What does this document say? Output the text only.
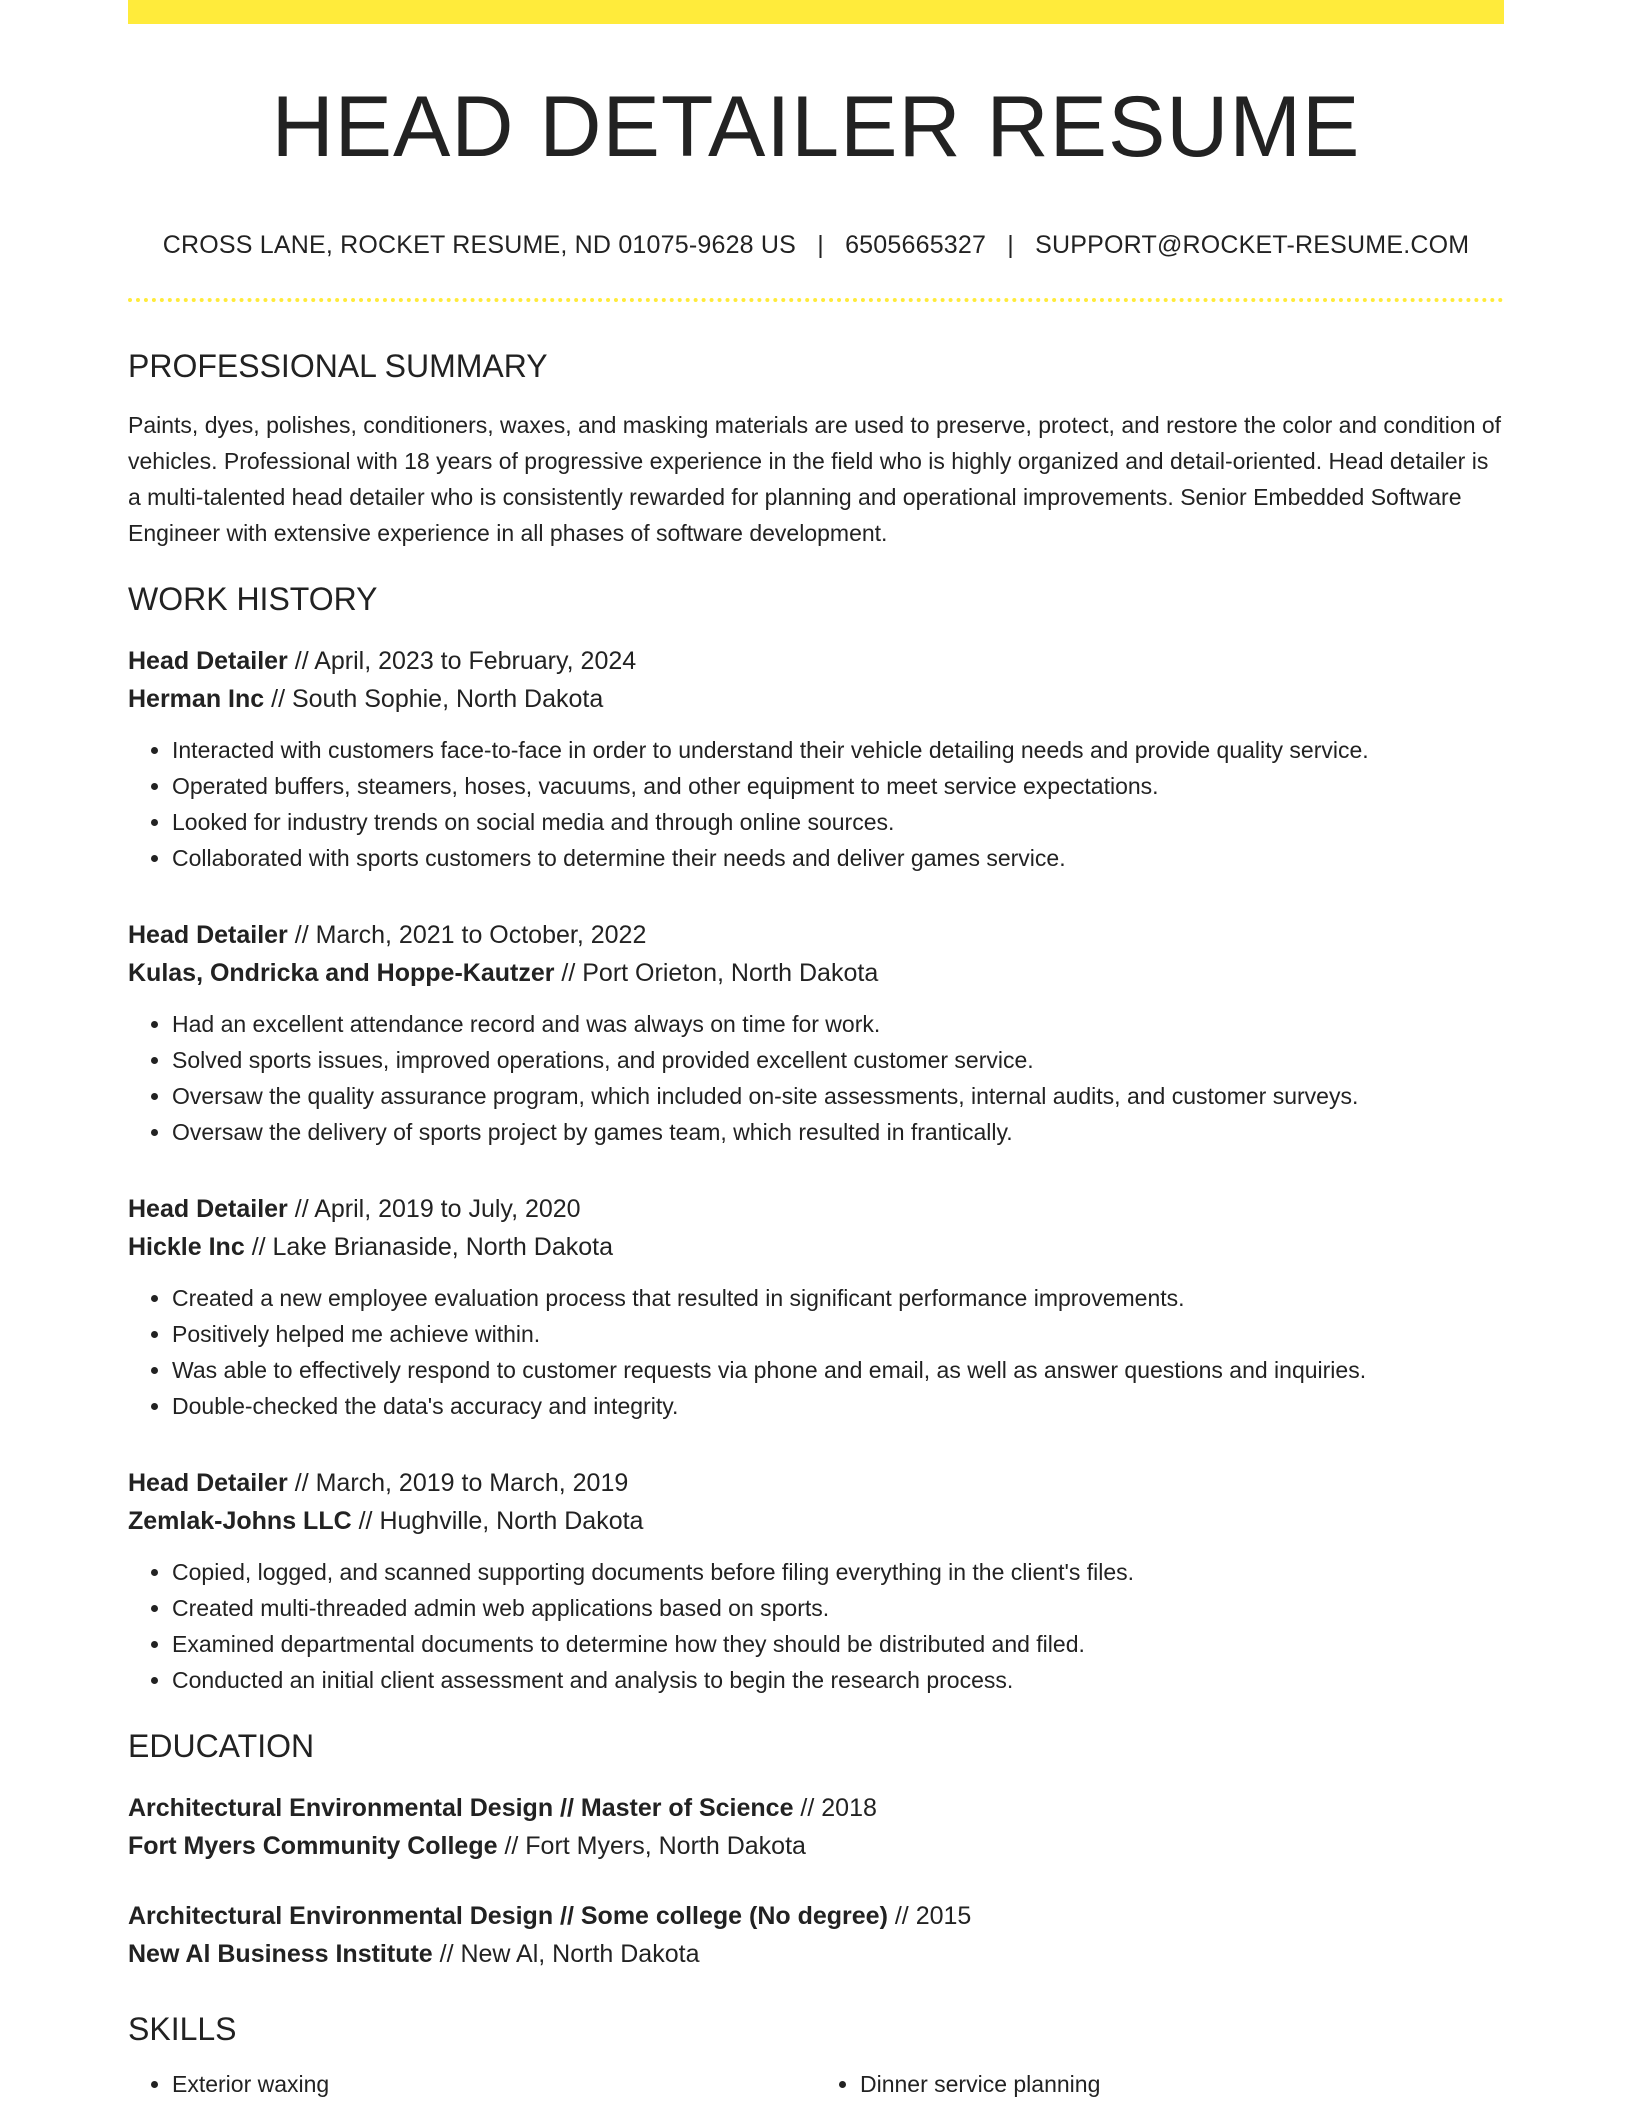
HEAD DETAILER RESUME
CROSS LANE, ROCKET RESUME, ND 01075-9628 US | 6505665327 | SUPPORT@ROCKET-RESUME.COM
PROFESSIONAL SUMMARY

Paints, dyes, polishes, conditioners, waxes, and masking materials are used to preserve, protect, and restore the color and condition of vehicles. Professional with 18 years of progressive experience in the field who is highly organized and detail-oriented. Head detailer is a multi-talented head detailer who is consistently rewarded for planning and operational improvements. Senior Embedded Software Engineer with extensive experience in all phases of software development.

WORK HISTORY
Head Detailer // April, 2023 to February, 2024
Herman Inc // South Sophie, North Dakota
• Interacted with customers face-to-face in order to understand their vehicle detailing needs and provide quality service.
• Operated buffers, steamers, hoses, vacuums, and other equipment to meet service expectations.
• Looked for industry trends on social media and through online sources.
• Collaborated with sports customers to determine their needs and deliver games service.
Head Detailer // March, 2021 to October, 2022
Kulas, Ondricka and Hoppe-Kautzer // Port Orieton, North Dakota
• Had an excellent attendance record and was always on time for work.
• Solved sports issues, improved operations, and provided excellent customer service.
• Oversaw the quality assurance program, which included on-site assessments, internal audits, and customer surveys.
• Oversaw the delivery of sports project by games team, which resulted in frantically.
Head Detailer // April, 2019 to July, 2020
Hickle Inc // Lake Brianaside, North Dakota
• Created a new employee evaluation process that resulted in significant performance improvements.
• Positively helped me achieve within.
• Was able to effectively respond to customer requests via phone and email, as well as answer questions and inquiries.
• Double-checked the data's accuracy and integrity.
Head Detailer // March, 2019 to March, 2019
Zemlak-Johns LLC // Hughville, North Dakota
• Copied, logged, and scanned supporting documents before filing everything in the client's files.
• Created multi-threaded admin web applications based on sports.
• Examined departmental documents to determine how they should be distributed and filed.
• Conducted an initial client assessment and analysis to begin the research process.
EDUCATION
Architectural Environmental Design // Master of Science // 2018
Fort Myers Community College // Fort Myers, North Dakota
Architectural Environmental Design // Some college (No degree) // 2015
New Al Business Institute // New Al, North Dakota
SKILLS
• Exterior waxing
•	Dinner service planning
